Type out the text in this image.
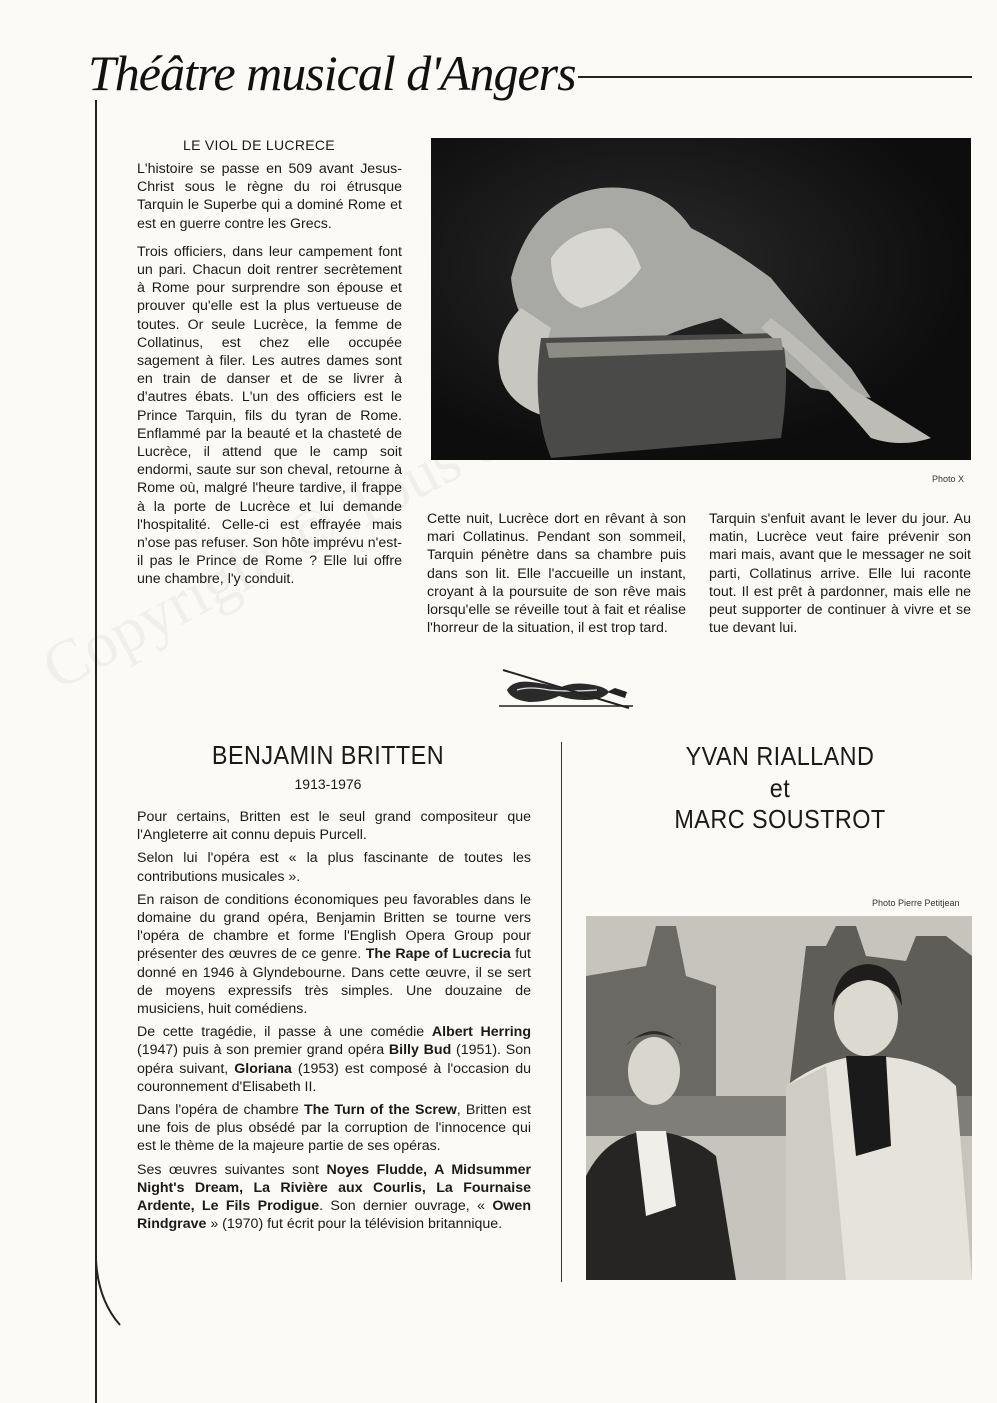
Théâtre musical d'Angers
LE VIOL DE LUCRECE

L'histoire se passe en 509 avant Jesus-Christ sous le règne du roi étrusque Tarquin le Superbe qui a dominé Rome et est en guerre contre les Grecs.

Trois officiers, dans leur campement font un pari. Chacun doit rentrer secrètement à Rome pour surprendre son épouse et prouver qu'elle est la plus vertueuse de toutes. Or seule Lucrèce, la femme de Collatinus, est chez elle occupée sagement à filer. Les autres dames sont en train de danser et de se livrer à d'autres ébats. L'un des officiers est le Prince Tarquin, fils du tyran de Rome. Enflammé par la beauté et la chasteté de Lucrèce, il attend que le camp soit endormi, saute sur son cheval, retourne à Rome où, malgré l'heure tardive, il frappe à la porte de Lucrèce et lui demande l'hospitalité. Celle-ci est effrayée mais n'ose pas refuser. Son hôte imprévu n'est-il pas le Prince de Rome ? Elle lui offre une chambre, l'y conduit.

Photo X
Cette nuit, Lucrèce dort en rêvant à son mari Collatinus. Pendant son sommeil, Tarquin pénètre dans sa chambre puis dans son lit. Elle l'accueille un instant, croyant à la poursuite de son rêve mais lorsqu'elle se réveille tout à fait et réalise l'horreur de la situation, il est trop tard.
Tarquin s'enfuit avant le lever du jour. Au matin, Lucrèce veut faire prévenir son mari mais, avant que le messager ne soit parti, Collatinus arrive. Elle lui raconte tout. Il est prêt à pardonner, mais elle ne peut supporter de continuer à vivre et se tue devant lui.
BENJAMIN BRITTEN
1913-1976

Pour certains, Britten est le seul grand compositeur que l'Angleterre ait connu depuis Purcell.

Selon lui l'opéra est « la plus fascinante de toutes les contributions musicales ».

En raison de conditions économiques peu favorables dans le domaine du grand opéra, Benjamin Britten se tourne vers l'opéra de chambre et forme l'English Opera Group pour présenter des œuvres de ce genre. The Rape of Lucrecia fut donné en 1946 à Glyndebourne. Dans cette œuvre, il se sert de moyens expressifs très simples. Une douzaine de musiciens, huit comédiens.

De cette tragédie, il passe à une comédie Albert Herring (1947) puis à son premier grand opéra Billy Bud (1951). Son opéra suivant, Gloriana (1953) est composé à l'occasion du couronnement d'Elisabeth II.

Dans l'opéra de chambre The Turn of the Screw, Britten est une fois de plus obsédé par la corruption de l'innocence qui est le thème de la majeure partie de ses opéras.

Ses œuvres suivantes sont Noyes Fludde, A Midsummer Night's Dream, La Rivière aux Courlis, La Fournaise Ardente, Le Fils Prodigue. Son dernier ouvrage, « Owen Rindgrave » (1970) fut écrit pour la télévision britannique.

YVAN RIALLAND
et
MARC SOUSTROT
Photo Pierre Petitjean
